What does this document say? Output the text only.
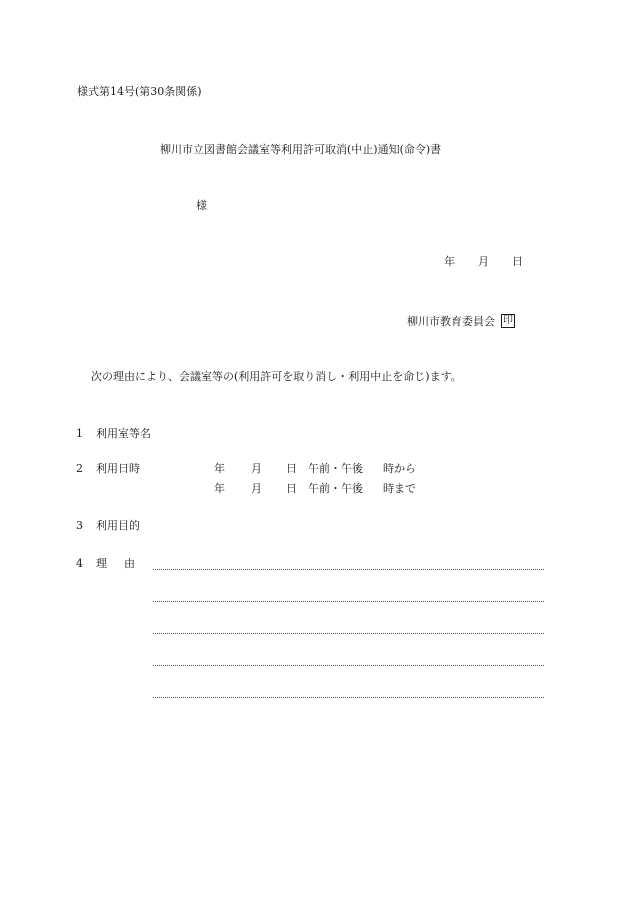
様式第14号(第30条関係)
柳川市立図書館会議室等利用許可取消(中止)通知(命令)書
様
年 月 日
柳川市教育委員会 印
次の理由により、会議室等の(利用許可を取り消し・利用中止を命じ)ます。
1 利用室等名
2 利用日時	年 月 日 午前・午後 時から
年 月 日 午前・午後 時まで
3 利用目的
4 理 由
